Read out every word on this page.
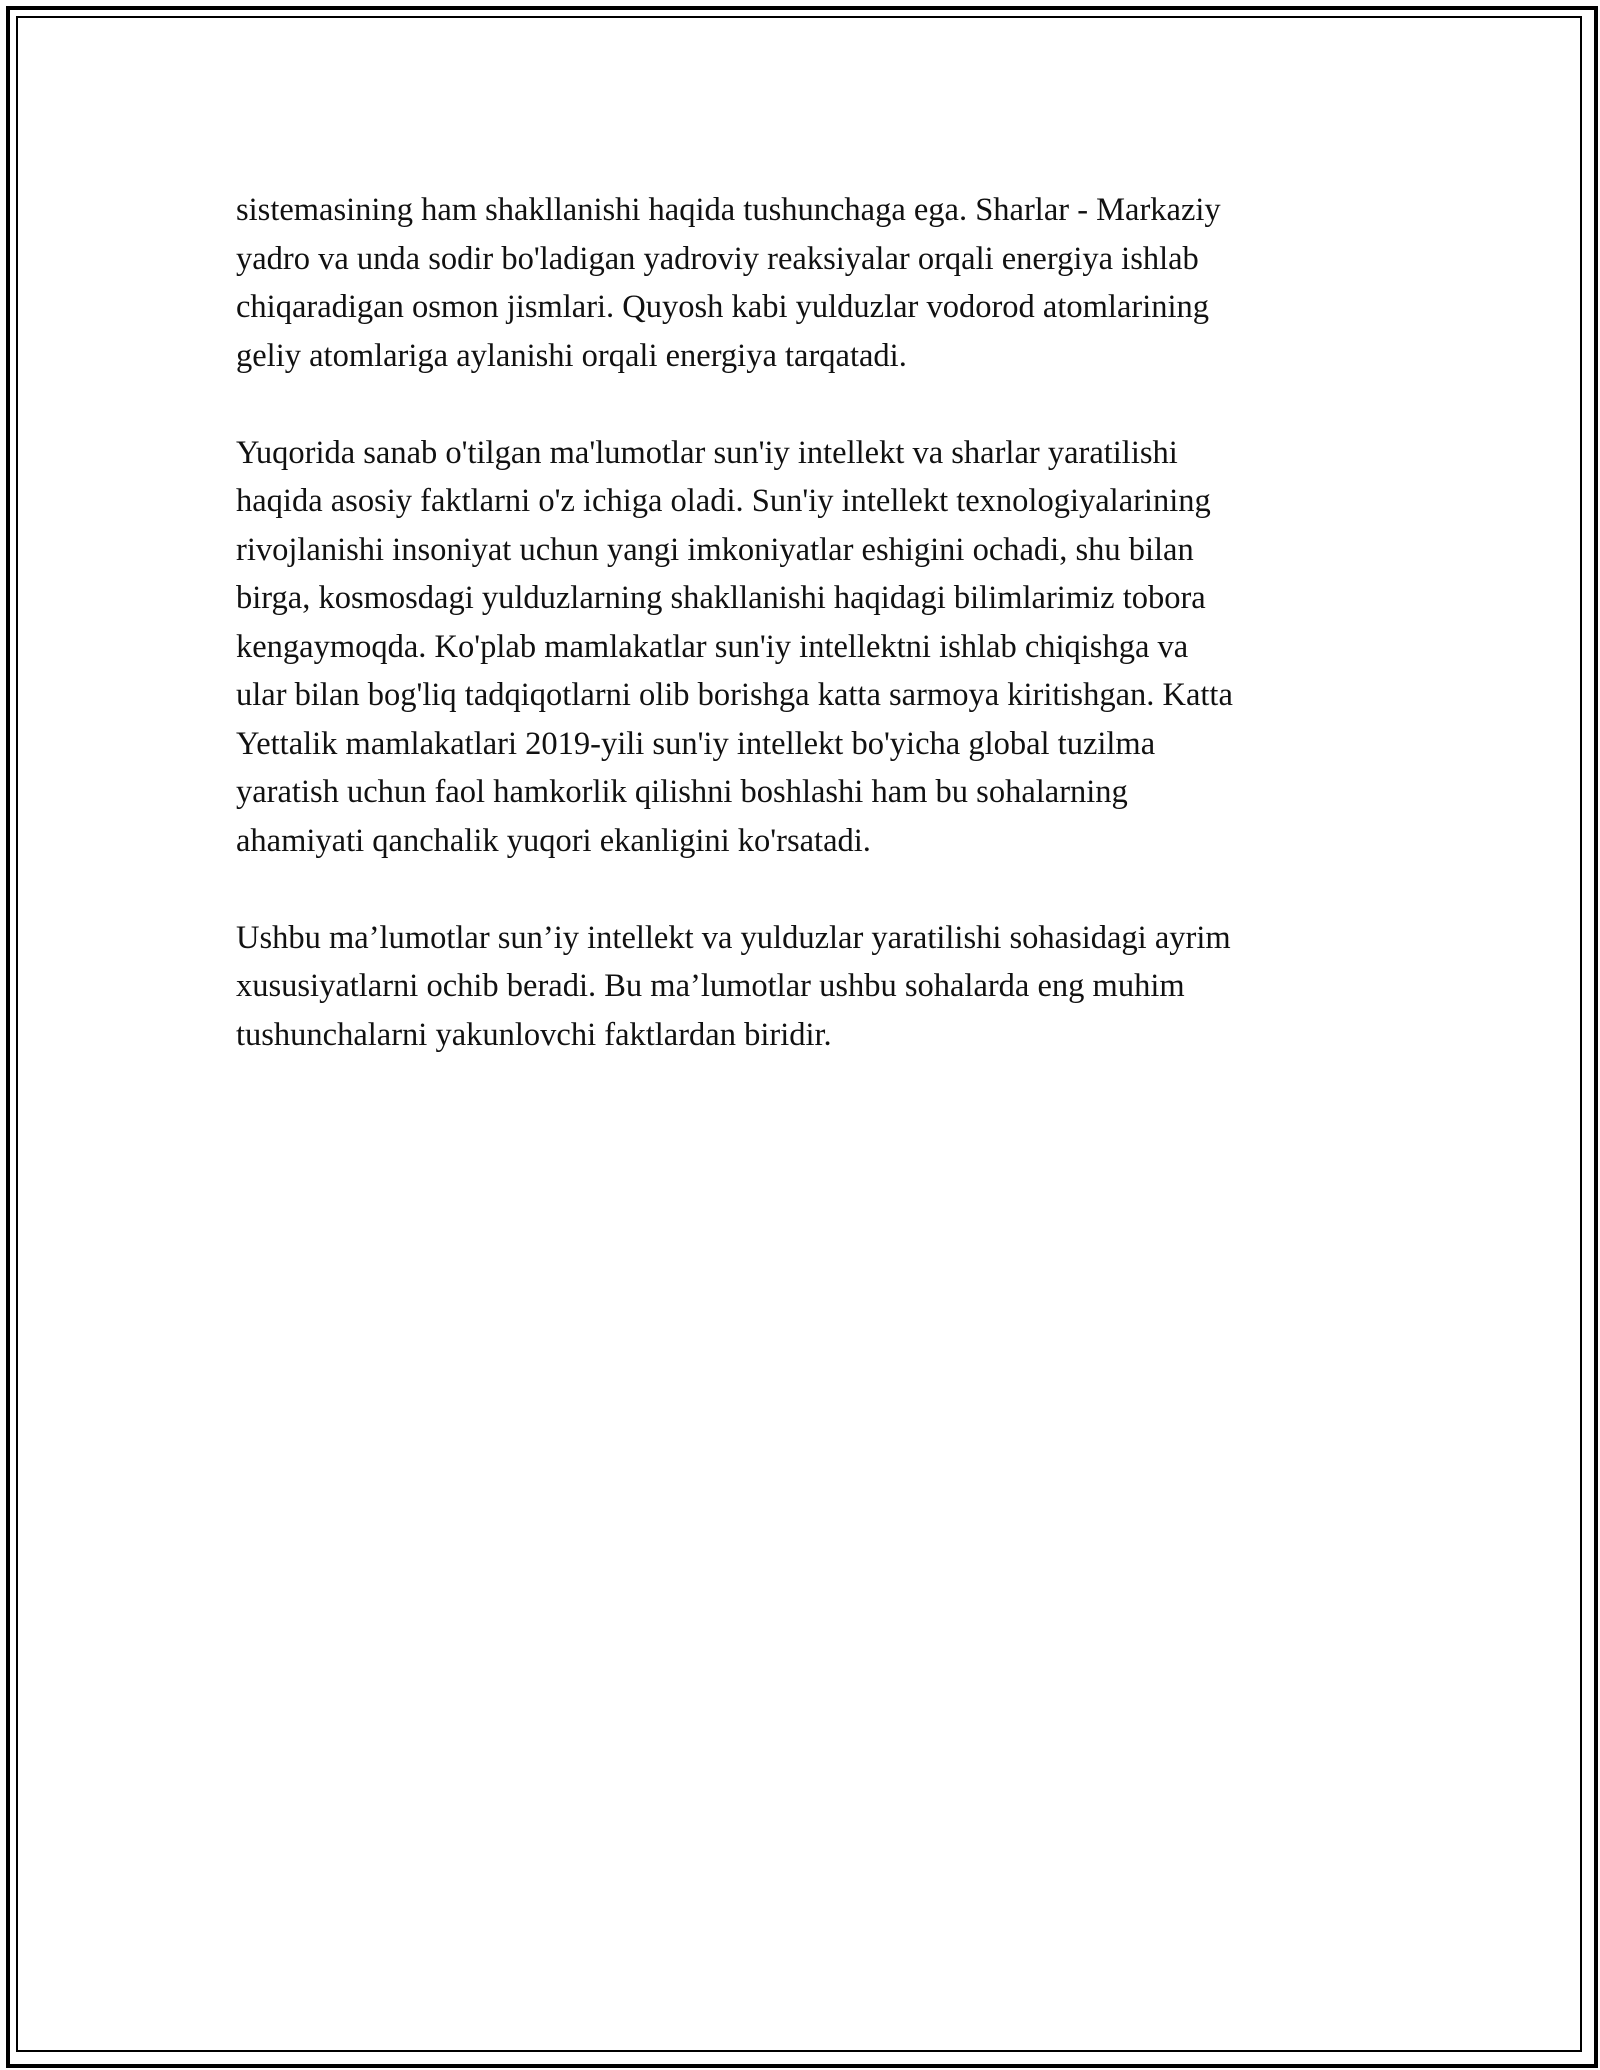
sistemasining ham shakllanishi haqida tushunchaga ega. Sharlar - Markaziy
yadro va unda sodir bo'ladigan yadroviy reaksiyalar orqali energiya ishlab
chiqaradigan osmon jismlari. Quyosh kabi yulduzlar vodorod atomlarining
geliy atomlariga aylanishi orqali energiya tarqatadi.

Yuqorida sanab o'tilgan ma'lumotlar sun'iy intellekt va sharlar yaratilishi
haqida asosiy faktlarni o'z ichiga oladi. Sun'iy intellekt texnologiyalarining
rivojlanishi insoniyat uchun yangi imkoniyatlar eshigini ochadi, shu bilan
birga, kosmosdagi yulduzlarning shakllanishi haqidagi bilimlarimiz tobora
kengaymoqda. Ko'plab mamlakatlar sun'iy intellektni ishlab chiqishga va
ular bilan bog'liq tadqiqotlarni olib borishga katta sarmoya kiritishgan. Katta
Yettalik mamlakatlari 2019-yili sun'iy intellekt bo'yicha global tuzilma
yaratish uchun faol hamkorlik qilishni boshlashi ham bu sohalarning
ahamiyati qanchalik yuqori ekanligini ko'rsatadi.

Ushbu ma’lumotlar sun’iy intellekt va yulduzlar yaratilishi sohasidagi ayrim
xususiyatlarni ochib beradi. Bu ma’lumotlar ushbu sohalarda eng muhim
tushunchalarni yakunlovchi faktlardan biridir.
